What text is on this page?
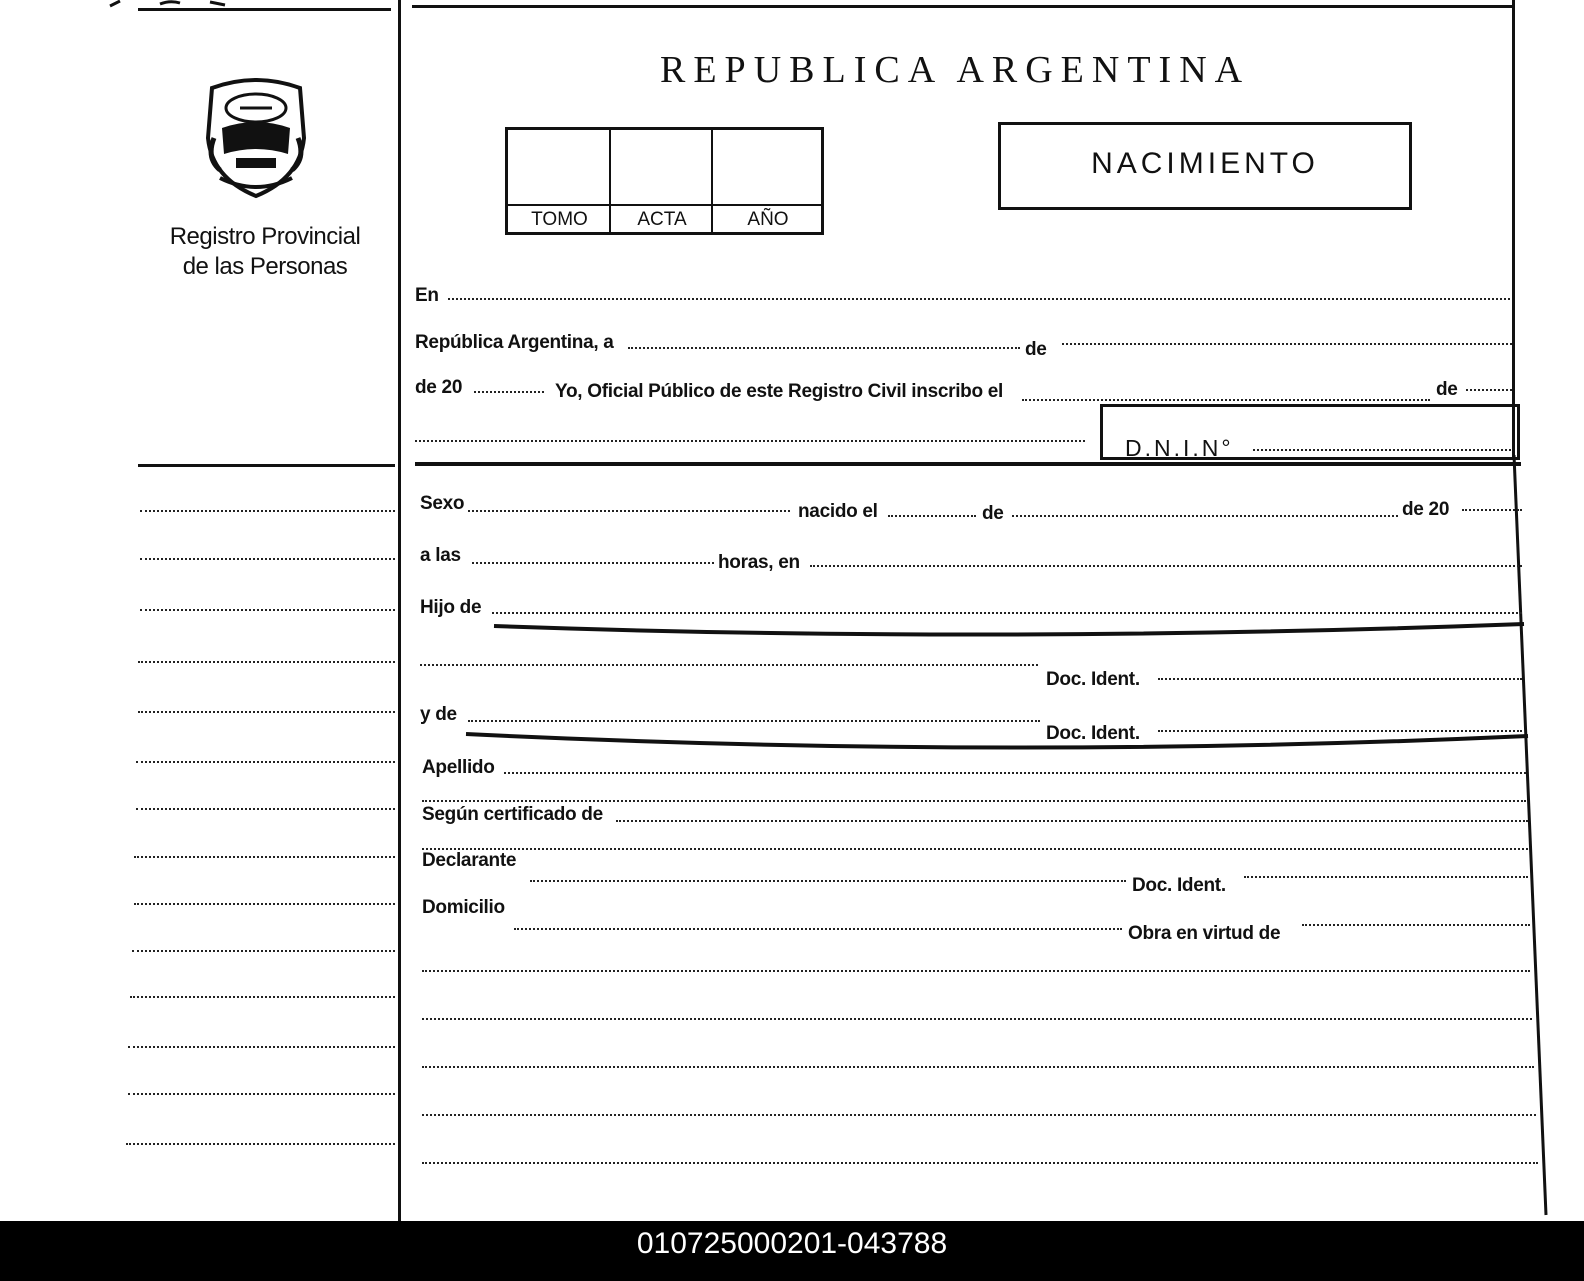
Registro Provincial
de las Personas
REPUBLICA ARGENTINA
TOMO	ACTA	AÑO
NACIMIENTO
En
República Argentina, a	de
de 20	Yo, Oficial Público de este Registro Civil inscribo el	de
D.N.I.N°
Sexo	nacido el	de	de 20
a las	horas, en
Hijo de
Doc. Ident.
y de
Doc. Ident.
Apellido
Según certificado de
Declarante
Doc. Ident.
Domicilio
Obra en virtud de
010725000201-043788
